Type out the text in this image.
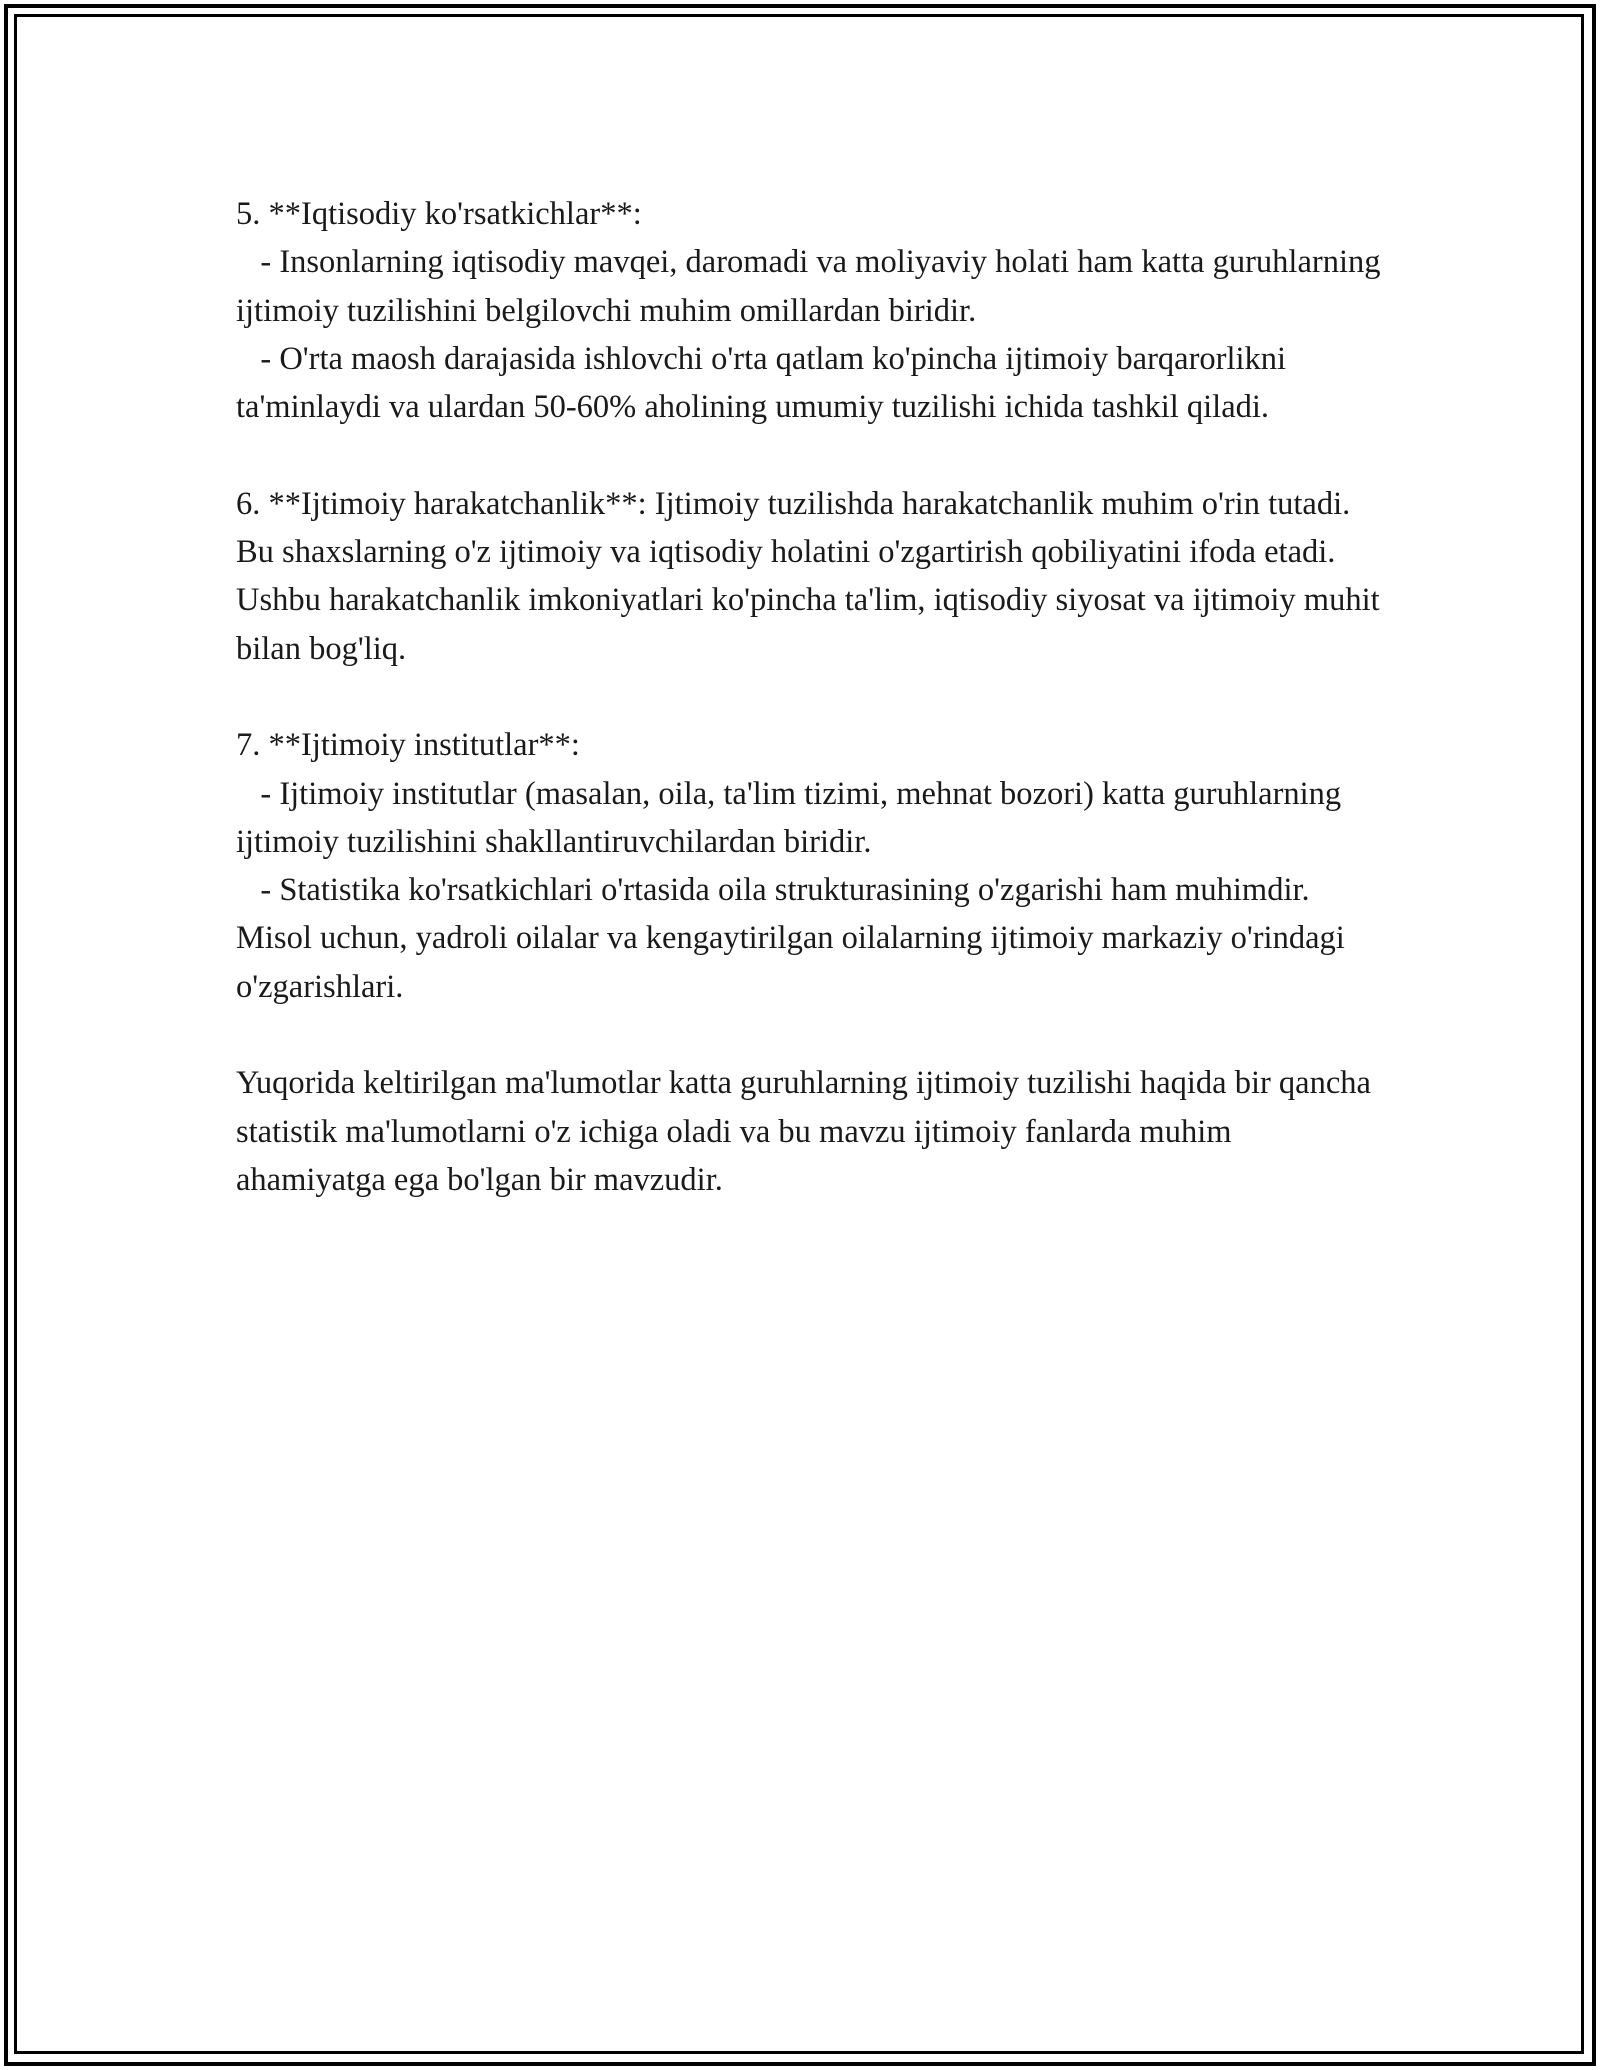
5. **Iqtisodiy ko'rsatkichlar**:

- Insonlarning iqtisodiy mavqei, daromadi va moliyaviy holati ham katta guruhlarning ijtimoiy tuzilishini belgilovchi muhim omillardan biridir.

- O'rta maosh darajasida ishlovchi o'rta qatlam ko'pincha ijtimoiy barqarorlikni ta'minlaydi va ulardan 50-60% aholining umumiy tuzilishi ichida tashkil qiladi.

6. **Ijtimoiy harakatchanlik**: Ijtimoiy tuzilishda harakatchanlik muhim o'rin tutadi. Bu shaxslarning o'z ijtimoiy va iqtisodiy holatini o'zgartirish qobiliyatini ifoda etadi. Ushbu harakatchanlik imkoniyatlari ko'pincha ta'lim, iqtisodiy siyosat va ijtimoiy muhit bilan bog'liq.

7. **Ijtimoiy institutlar**:

- Ijtimoiy institutlar (masalan, oila, ta'lim tizimi, mehnat bozori) katta guruhlarning ijtimoiy tuzilishini shakllantiruvchilardan biridir.

- Statistika ko'rsatkichlari o'rtasida oila strukturasining o'zgarishi ham muhimdir. Misol uchun, yadroli oilalar va kengaytirilgan oilalarning ijtimoiy markaziy o'rindagi o'zgarishlari.

Yuqorida keltirilgan ma'lumotlar katta guruhlarning ijtimoiy tuzilishi haqida bir qancha statistik ma'lumotlarni o'z ichiga oladi va bu mavzu ijtimoiy fanlarda muhim ahamiyatga ega bo'lgan bir mavzudir.
